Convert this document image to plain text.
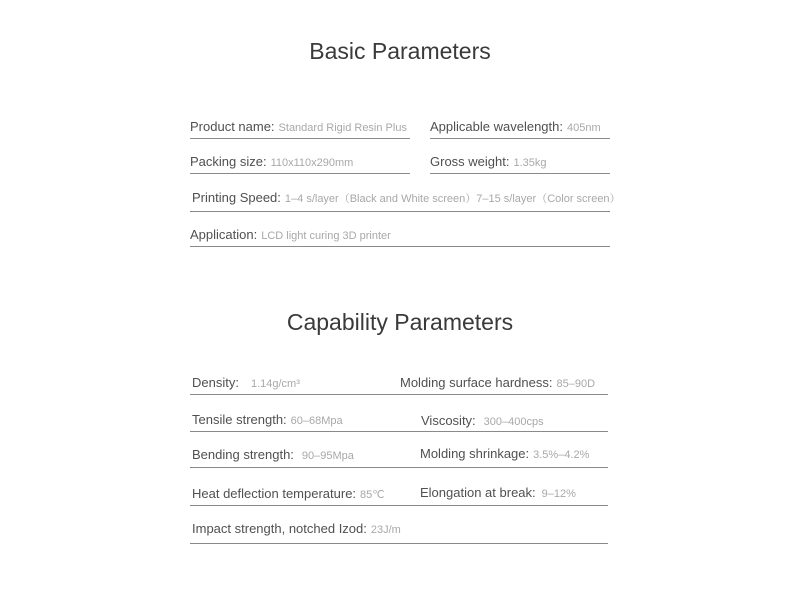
Basic Parameters
Product name: Standard Rigid Resin Plus Applicable wavelength: 405nm
Packing size: 110x110x290mm	Gross weight: 1.35kg
Printing Speed: 1–4 s/layer（Black and White screen）7–15 s/layer（Color screen）
Application: LCD light curing 3D printer
Capability Parameters
Density: 1.14g/cm³	Molding surface hardness: 85–90D
Tensile strength: 60–68Mpa	Viscosity: 300–400cps
Bending strength: 90–95Mpa	Molding shrinkage: 3.5%–4.2%
Heat deflection temperature: 85℃	Elongation at break: 9–12%
Impact strength, notched Izod: 23J/m
